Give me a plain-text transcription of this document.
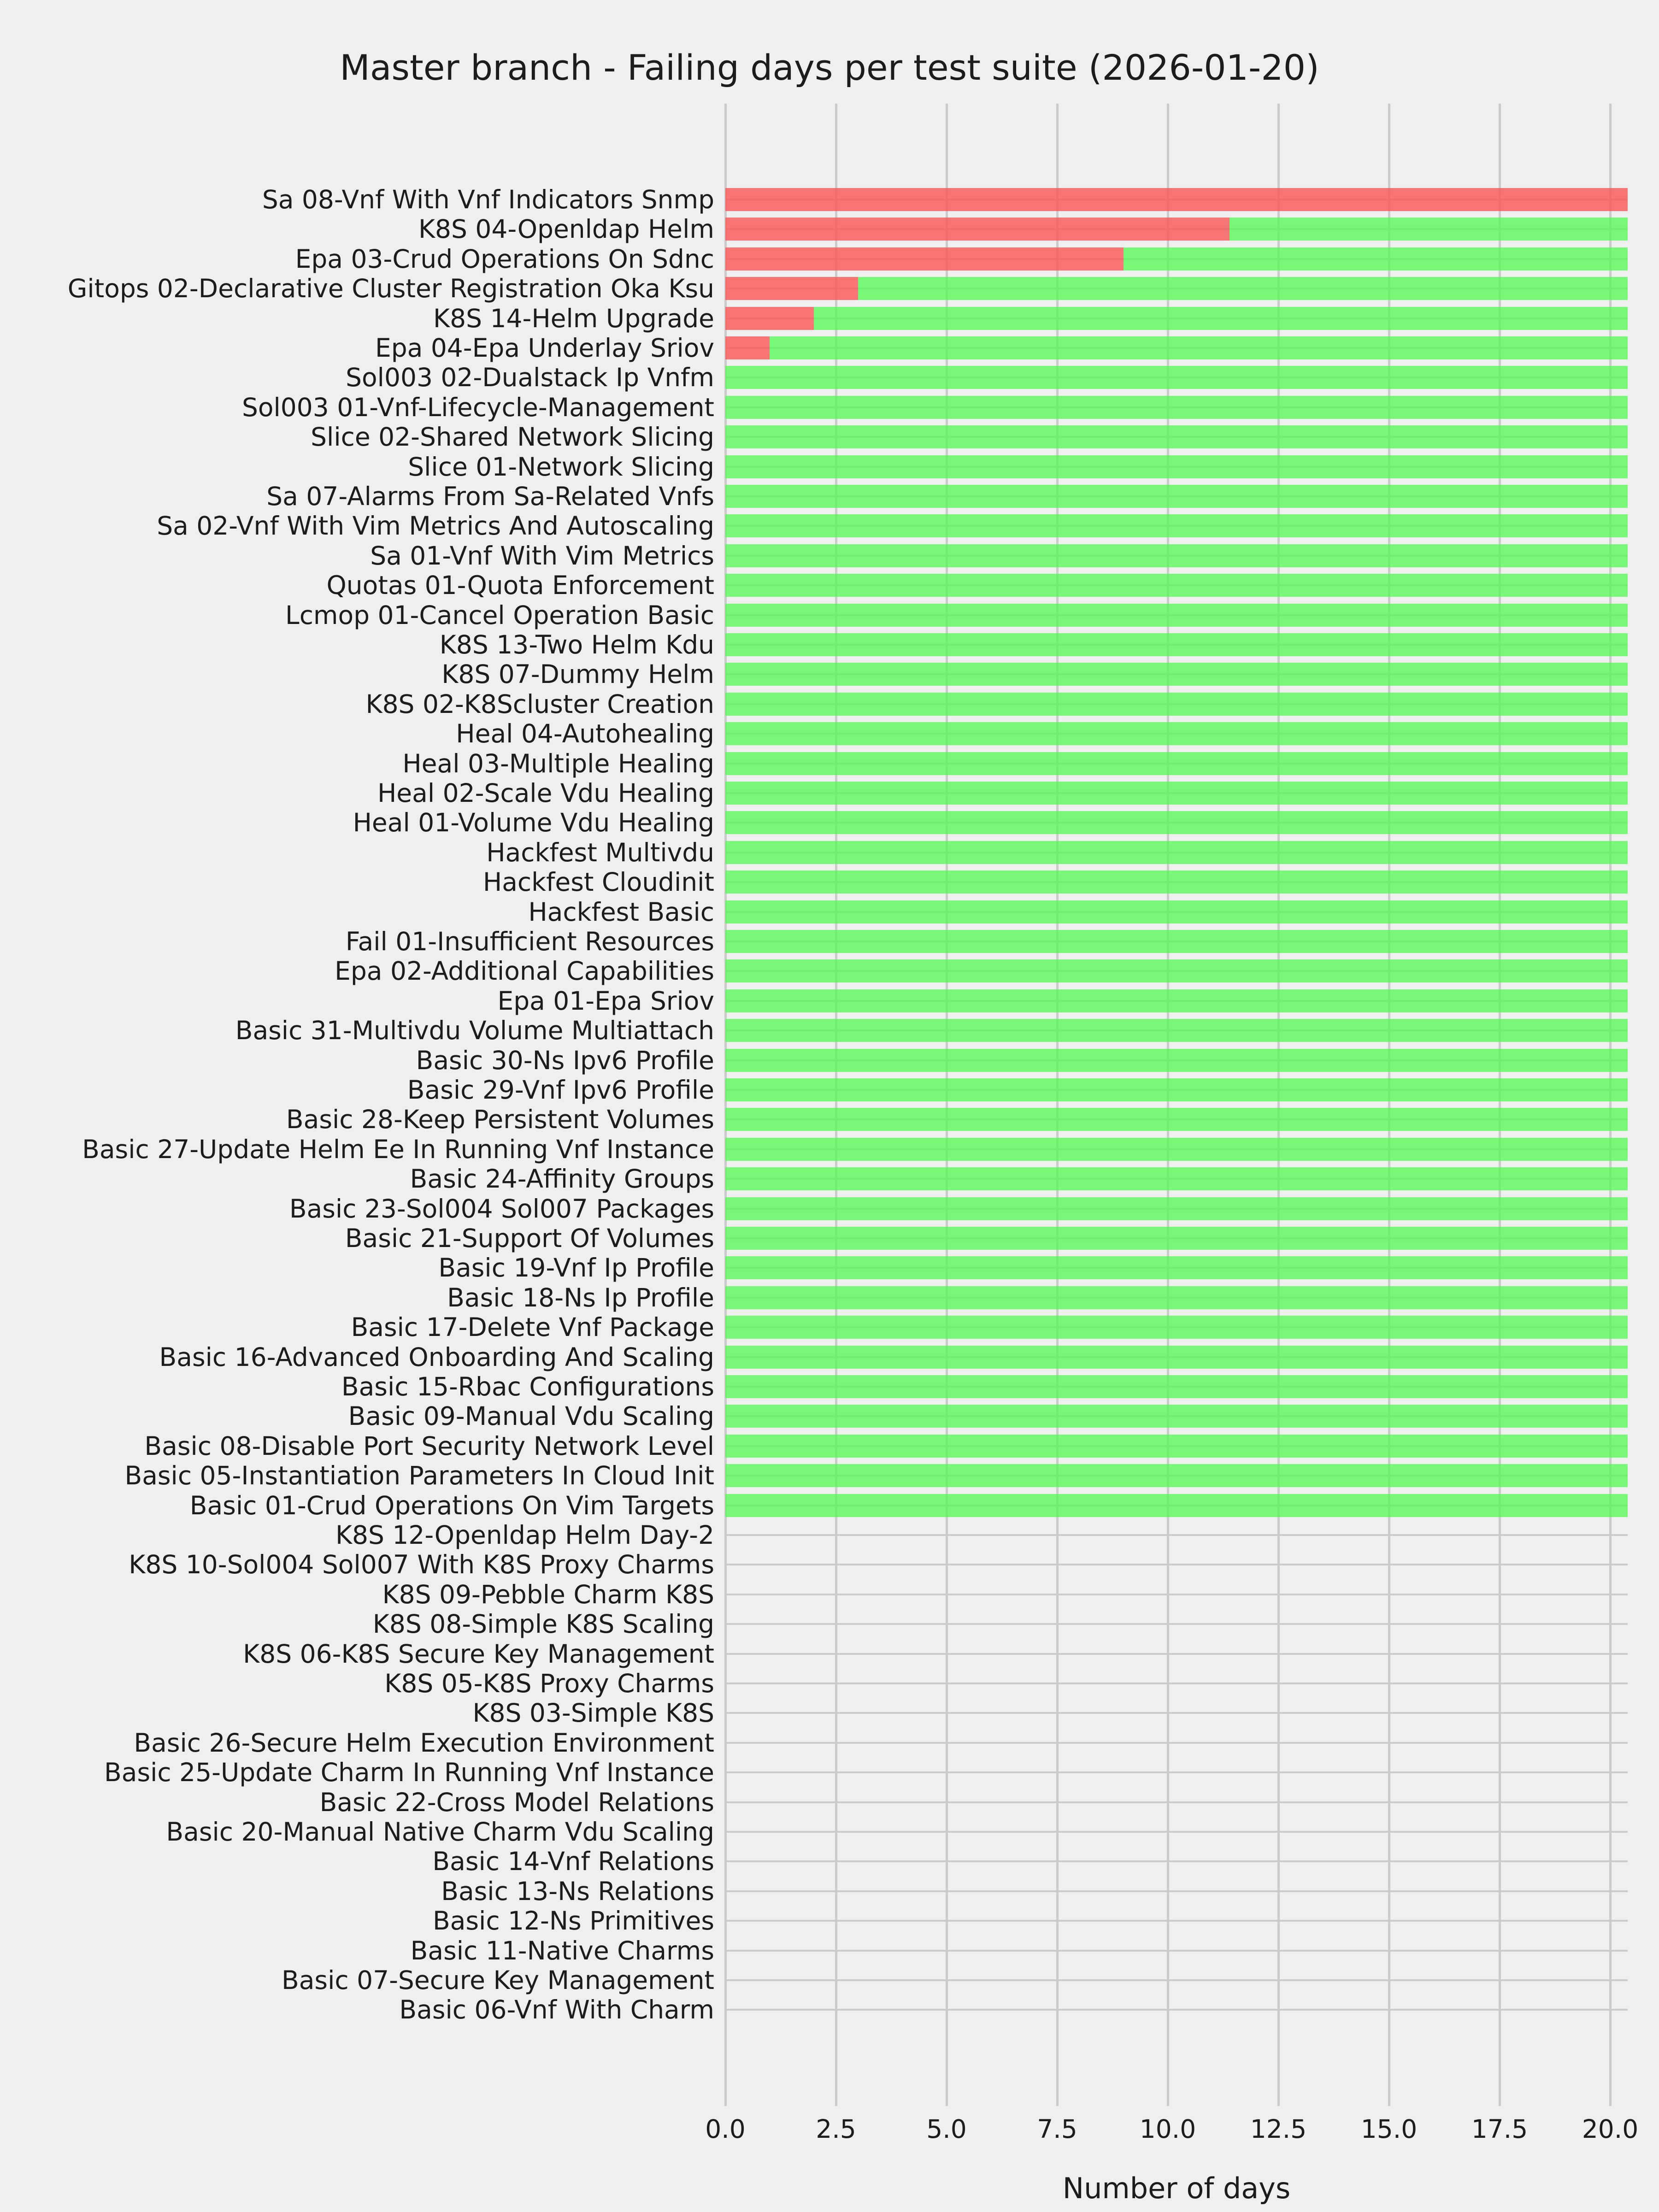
Master branch - Failing days per test suite (2026-01-20)
Number of days
0.0	2.5	5.0	7.5 10.0 12.5 15.0 17.5 20.0
Sa 08-Vnf With Vnf Indicators Snmp
K8S 04-Openldap Helm
Epa 03-Crud Operations On Sdnc
Gitops 02-Declarative Cluster Registration Oka Ksu
K8S 14-Helm Upgrade
Epa 04-Epa Underlay Sriov
Sol003 02-Dualstack Ip Vnfm
Sol003 01-Vnf-Lifecycle-Management
Slice 02-Shared Network Slicing
Slice 01-Network Slicing
Sa 07-Alarms From Sa-Related Vnfs
Sa 02-Vnf With Vim Metrics And Autoscaling
Sa 01-Vnf With Vim Metrics
Quotas 01-Quota Enforcement
Lcmop 01-Cancel Operation Basic
K8S 13-Two Helm Kdu
K8S 07-Dummy Helm
K8S 02-K8Scluster Creation
Heal 04-Autohealing
Heal 03-Multiple Healing
Heal 02-Scale Vdu Healing
Heal 01-Volume Vdu Healing
Hackfest Multivdu
Hackfest Cloudinit
Hackfest Basic
Fail 01-Insufficient Resources
Epa 02-Additional Capabilities
Epa 01-Epa Sriov
Basic 31-Multivdu Volume Multiattach
Basic 30-Ns Ipv6 Profile
Basic 29-Vnf Ipv6 Profile
Basic 28-Keep Persistent Volumes
Basic 27-Update Helm Ee In Running Vnf Instance
Basic 24-Affinity Groups
Basic 23-Sol004 Sol007 Packages
Basic 21-Support Of Volumes
Basic 19-Vnf Ip Profile
Basic 18-Ns Ip Profile
Basic 17-Delete Vnf Package
Basic 16-Advanced Onboarding And Scaling
Basic 15-Rbac Configurations
Basic 09-Manual Vdu Scaling
Basic 08-Disable Port Security Network Level
Basic 05-Instantiation Parameters In Cloud Init
Basic 01-Crud Operations On Vim Targets
K8S 12-Openldap Helm Day-2
K8S 10-Sol004 Sol007 With K8S Proxy Charms
K8S 09-Pebble Charm K8S
K8S 08-Simple K8S Scaling
K8S 06-K8S Secure Key Management
K8S 05-K8S Proxy Charms
K8S 03-Simple K8S
Basic 26-Secure Helm Execution Environment
Basic 25-Update Charm In Running Vnf Instance
Basic 22-Cross Model Relations
Basic 20-Manual Native Charm Vdu Scaling
Basic 14-Vnf Relations
Basic 13-Ns Relations
Basic 12-Ns Primitives
Basic 11-Native Charms
Basic 07-Secure Key Management
Basic 06-Vnf With Charm
